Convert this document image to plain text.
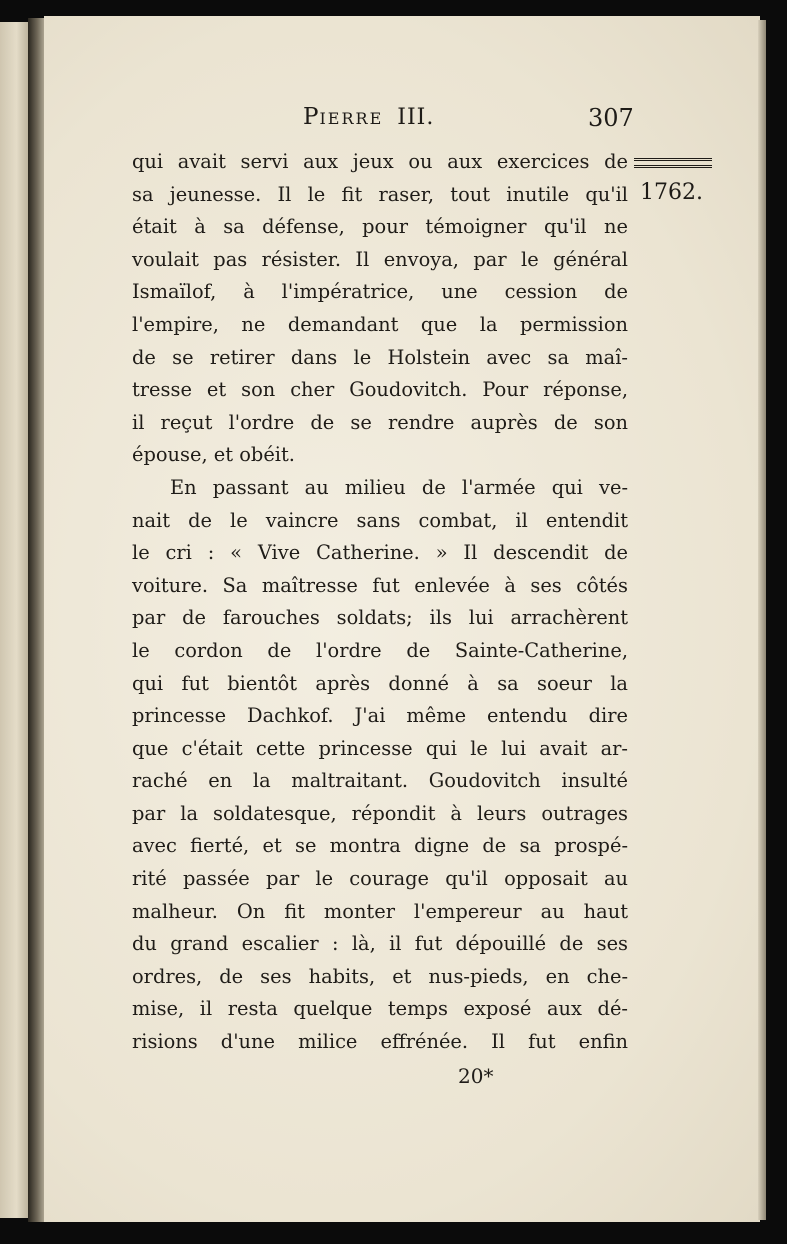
PIERRE III.	307
1762.
qui avait servi aux jeux ou aux exercices de
sa jeunesse. Il le fit raser, tout inutile qu'il
était à sa défense, pour témoigner qu'il ne
voulait pas résister. Il envoya, par le général
Ismaïlof, à l'impératrice, une cession de
l'empire, ne demandant que la permission
de se retirer dans le Holstein avec sa maî-
tresse et son cher Goudovitch. Pour réponse,
il reçut l'ordre de se rendre auprès de son
épouse, et obéit.
En passant au milieu de l'armée qui ve-
nait de le vaincre sans combat, il entendit
le cri : « Vive Catherine. » Il descendit de
voiture. Sa maîtresse fut enlevée à ses côtés
par de farouches soldats; ils lui arrachèrent
le cordon de l'ordre de Sainte-Catherine,
qui fut bientôt après donné à sa soeur la
princesse Dachkof. J'ai même entendu dire
que c'était cette princesse qui le lui avait ar-
raché en la maltraitant. Goudovitch insulté
par la soldatesque, répondit à leurs outrages
avec fierté, et se montra digne de sa prospé-
rité passée par le courage qu'il opposait au
malheur. On fit monter l'empereur au haut
du grand escalier : là, il fut dépouillé de ses
ordres, de ses habits, et nus-pieds, en che-
mise, il resta quelque temps exposé aux dé-
risions d'une milice effrénée. Il fut enfin
20*
